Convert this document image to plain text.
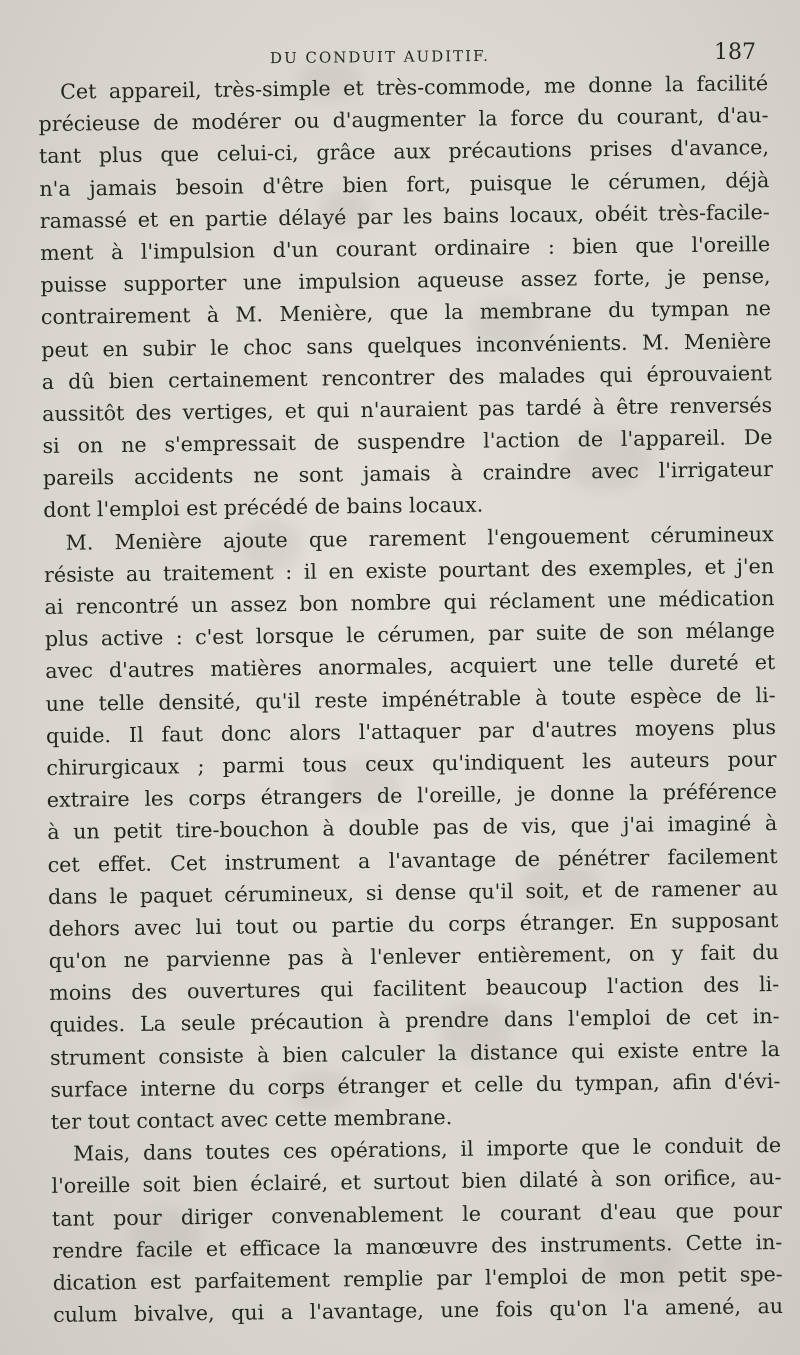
DU CONDUIT AUDITIF.	187
Cet appareil, très-simple et très-commode, me donne la facilité
précieuse de modérer ou d'augmenter la force du courant, d'au-
tant plus que celui-ci, grâce aux précautions prises d'avance,
n'a jamais besoin d'être bien fort, puisque le cérumen, déjà
ramassé et en partie délayé par les bains locaux, obéit très-facile-
ment à l'impulsion d'un courant ordinaire : bien que l'oreille
puisse supporter une impulsion aqueuse assez forte, je pense,
contrairement à M. Menière, que la membrane du tympan ne
peut en subir le choc sans quelques inconvénients. M. Menière
a dû bien certainement rencontrer des malades qui éprouvaient
aussitôt des vertiges, et qui n'auraient pas tardé à être renversés
si on ne s'empressait de suspendre l'action de l'appareil. De
pareils accidents ne sont jamais à craindre avec l'irrigateur
dont l'emploi est précédé de bains locaux.
M. Menière ajoute que rarement l'engouement cérumineux
résiste au traitement : il en existe pourtant des exemples, et j'en
ai rencontré un assez bon nombre qui réclament une médication
plus active : c'est lorsque le cérumen, par suite de son mélange
avec d'autres matières anormales, acquiert une telle dureté et
une telle densité, qu'il reste impénétrable à toute espèce de li-
quide. Il faut donc alors l'attaquer par d'autres moyens plus
chirurgicaux ; parmi tous ceux qu'indiquent les auteurs pour
extraire les corps étrangers de l'oreille, je donne la préférence
à un petit tire-bouchon à double pas de vis, que j'ai imaginé à
cet effet. Cet instrument a l'avantage de pénétrer facilement
dans le paquet cérumineux, si dense qu'il soit, et de ramener au
dehors avec lui tout ou partie du corps étranger. En supposant
qu'on ne parvienne pas à l'enlever entièrement, on y fait du
moins des ouvertures qui facilitent beaucoup l'action des li-
quides. La seule précaution à prendre dans l'emploi de cet in-
strument consiste à bien calculer la distance qui existe entre la
surface interne du corps étranger et celle du tympan, afin d'évi-
ter tout contact avec cette membrane.
Mais, dans toutes ces opérations, il importe que le conduit de
l'oreille soit bien éclairé, et surtout bien dilaté à son orifice, au-
tant pour diriger convenablement le courant d'eau que pour
rendre facile et efficace la manœuvre des instruments. Cette in-
dication est parfaitement remplie par l'emploi de mon petit spe-
culum bivalve, qui a l'avantage, une fois qu'on l'a amené, au
